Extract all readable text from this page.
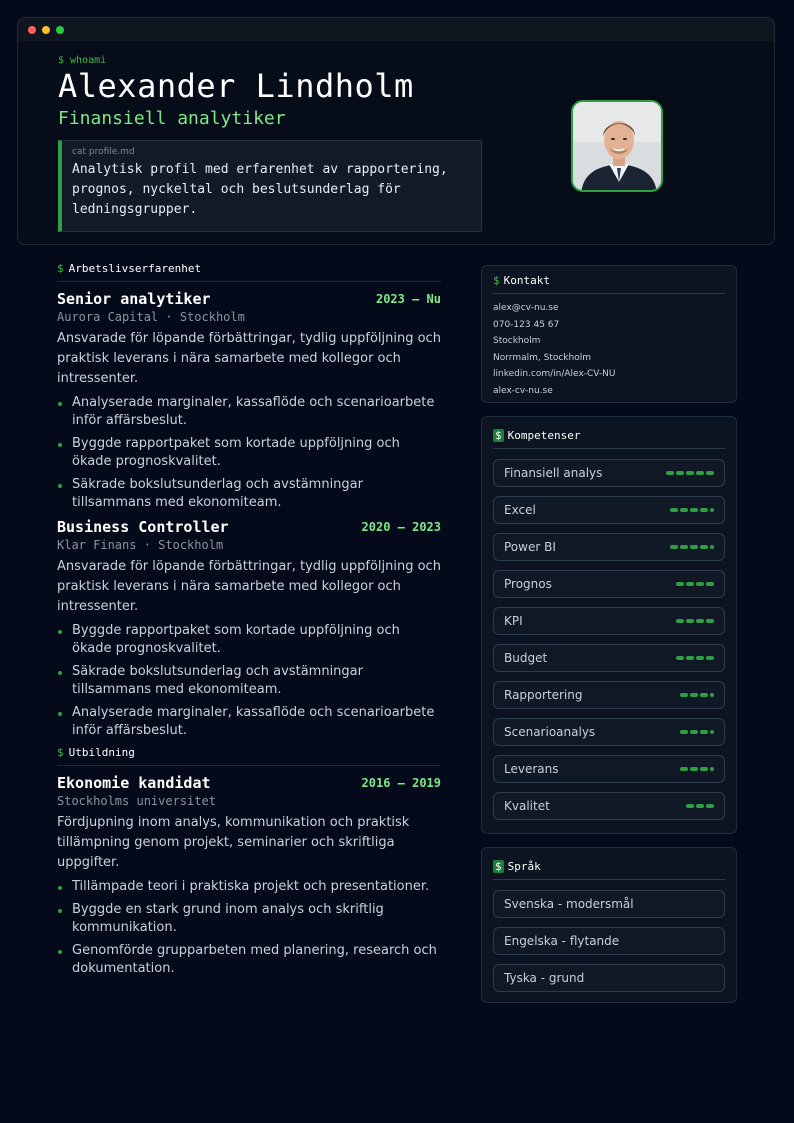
$ whoami
Alexander Lindholm
Finansiell analytiker
cat profile.md
Analytisk profil med erfarenhet av rapportering, prognos, nyckeltal och beslutsunderlag för ledningsgrupper.
$ Arbetslivserfarenhet
Senior analytiker	2023 – Nu
Aurora Capital · Stockholm
Ansvarade för löpande förbättringar, tydlig uppföljning och praktisk leverans i nära samarbete med kollegor och intressenter.
Analyserade marginaler, kassaflöde och scenarioarbete inför affärsbeslut.
Byggde rapportpaket som kortade uppföljning och ökade prognoskvalitet.
Säkrade bokslutsunderlag och avstämningar tillsammans med ekonomiteam.
Business Controller	2020 – 2023
Klar Finans · Stockholm
Ansvarade för löpande förbättringar, tydlig uppföljning och praktisk leverans i nära samarbete med kollegor och intressenter.
Byggde rapportpaket som kortade uppföljning och ökade prognoskvalitet.
Säkrade bokslutsunderlag och avstämningar tillsammans med ekonomiteam.
Analyserade marginaler, kassaflöde och scenarioarbete inför affärsbeslut.
$ Utbildning
Ekonomie kandidat	2016 – 2019
Stockholms universitet
Fördjupning inom analys, kommunikation och praktisk tillämpning genom projekt, seminarier och skriftliga uppgifter.
Tillämpade teori i praktiska projekt och presentationer.
Byggde en stark grund inom analys och skriftlig kommunikation.
Genomförde grupparbeten med planering, research och dokumentation.
$ Kontakt
alex@cv-nu.se
070-123 45 67
Stockholm
Norrmalm, Stockholm
linkedin.com/in/Alex-CV-NU
alex-cv-nu.se
$ Kompetenser
Finansiell analys
Excel
Power BI
Prognos
KPI
Budget
Rapportering
Scenarioanalys
Leverans
Kvalitet
$ Språk
Svenska - modersmål
Engelska - flytande
Tyska - grund
